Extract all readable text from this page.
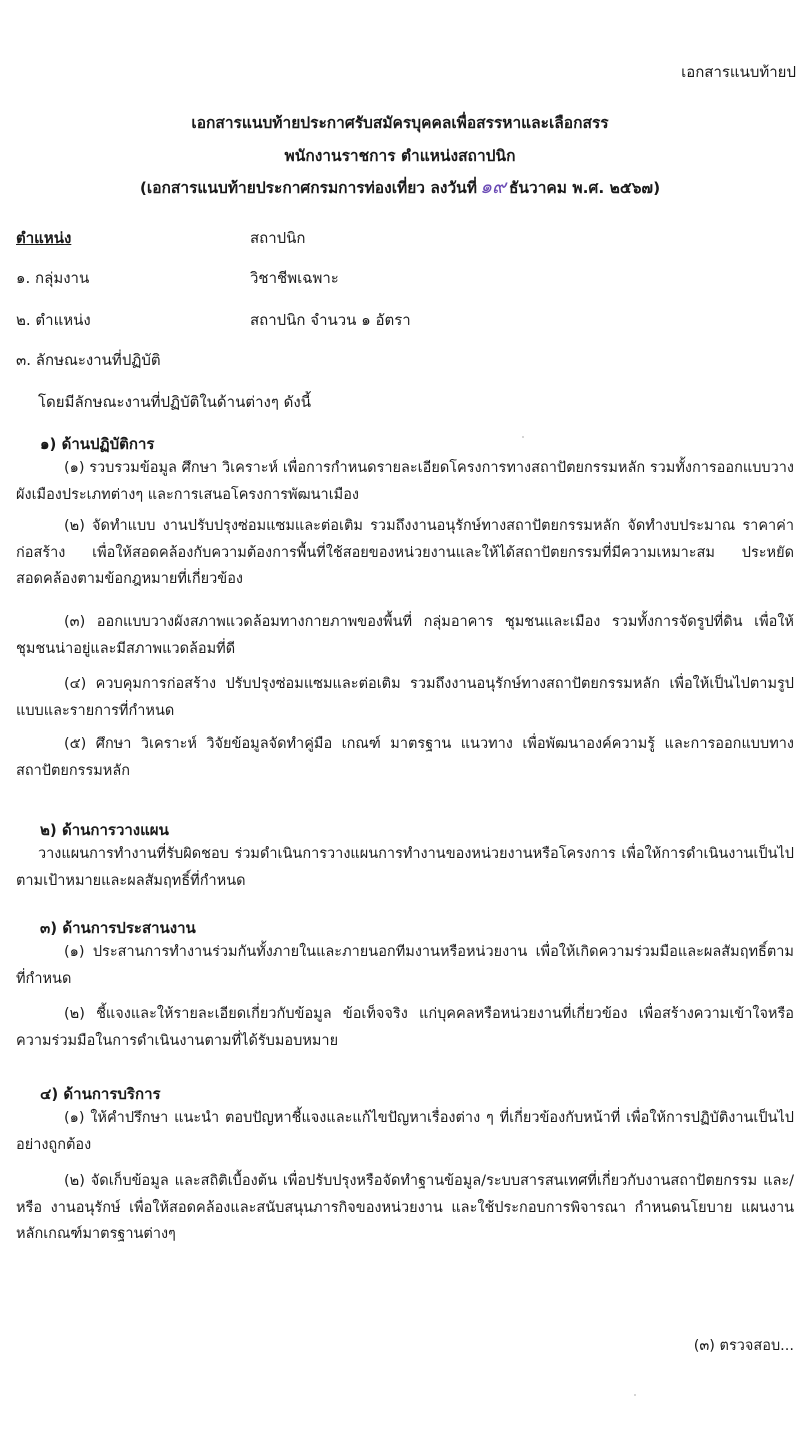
เอกสารแนบท้ายป
เอกสารแนบท้ายประกาศรับสมัครบุคคลเพื่อสรรหาและเลือกสรร
พนักงานราชการ ตำแหน่งสถาปนิก
(เอกสารแนบท้ายประกาศกรมการท่องเที่ยว ลงวันที่ ๑๙ ธันวาคม พ.ศ. ๒๕๖๗)
ตำแหน่ง	สถาปนิก
๑. กลุ่มงาน	วิชาชีพเฉพาะ
๒. ตำแหน่ง	สถาปนิก จำนวน ๑ อัตรา
๓. ลักษณะงานที่ปฏิบัติ
โดยมีลักษณะงานที่ปฏิบัติในด้านต่างๆ ดังนี้
๑) ด้านปฏิบัติการ
(๑) รวบรวมข้อมูล ศึกษา วิเคราะห์ เพื่อการกำหนดรายละเอียดโครงการทางสถาปัตยกรรมหลัก รวมทั้งการออกแบบวางผังเมืองประเภทต่างๆ และการเสนอโครงการพัฒนาเมือง
(๒) จัดทำแบบ งานปรับปรุงซ่อมแซมและต่อเติม รวมถึงงานอนุรักษ์ทางสถาปัตยกรรมหลัก จัดทำงบประมาณ ราคาค่าก่อสร้าง เพื่อให้สอดคล้องกับความต้องการพื้นที่ใช้สอยของหน่วยงานและให้ได้สถาปัตยกรรมที่มีความเหมาะสม ประหยัด สอดคล้องตามข้อกฎหมายที่เกี่ยวข้อง
(๓) ออกแบบวางผังสภาพแวดล้อมทางกายภาพของพื้นที่ กลุ่มอาคาร ชุมชนและเมือง รวมทั้งการจัดรูปที่ดิน เพื่อให้ชุมชนน่าอยู่และมีสภาพแวดล้อมที่ดี
(๔) ควบคุมการก่อสร้าง ปรับปรุงซ่อมแซมและต่อเติม รวมถึงงานอนุรักษ์ทางสถาปัตยกรรมหลัก เพื่อให้เป็นไปตามรูปแบบและรายการที่กำหนด
(๕) ศึกษา วิเคราะห์ วิจัยข้อมูลจัดทำคู่มือ เกณฑ์ มาตรฐาน แนวทาง เพื่อพัฒนาองค์ความรู้ และการออกแบบทางสถาปัตยกรรมหลัก
๒) ด้านการวางแผน
วางแผนการทำงานที่รับผิดชอบ ร่วมดำเนินการวางแผนการทำงานของหน่วยงานหรือโครงการ เพื่อให้การดำเนินงานเป็นไปตามเป้าหมายและผลสัมฤทธิ์ที่กำหนด
๓) ด้านการประสานงาน
(๑) ประสานการทำงานร่วมกันทั้งภายในและภายนอกทีมงานหรือหน่วยงาน เพื่อให้เกิดความร่วมมือและผลสัมฤทธิ์ตามที่กำหนด
(๒) ชี้แจงและให้รายละเอียดเกี่ยวกับข้อมูล ข้อเท็จจริง แก่บุคคลหรือหน่วยงานที่เกี่ยวข้อง เพื่อสร้างความเข้าใจหรือความร่วมมือในการดำเนินงานตามที่ได้รับมอบหมาย
๔) ด้านการบริการ
(๑) ให้คำปรึกษา แนะนำ ตอบปัญหาชี้แจงและแก้ไขปัญหาเรื่องต่าง ๆ ที่เกี่ยวข้องกับหน้าที่ เพื่อให้การปฏิบัติงานเป็นไปอย่างถูกต้อง
(๒) จัดเก็บข้อมูล และสถิติเบื้องต้น เพื่อปรับปรุงหรือจัดทำฐานข้อมูล/ระบบสารสนเทศที่เกี่ยวกับงานสถาปัตยกรรม และ/หรือ งานอนุรักษ์ เพื่อให้สอดคล้องและสนับสนุนภารกิจของหน่วยงาน และใช้ประกอบการพิจารณา กำหนดนโยบาย แผนงาน หลักเกณฑ์มาตรฐานต่างๆ
(๓) ตรวจสอบ...
